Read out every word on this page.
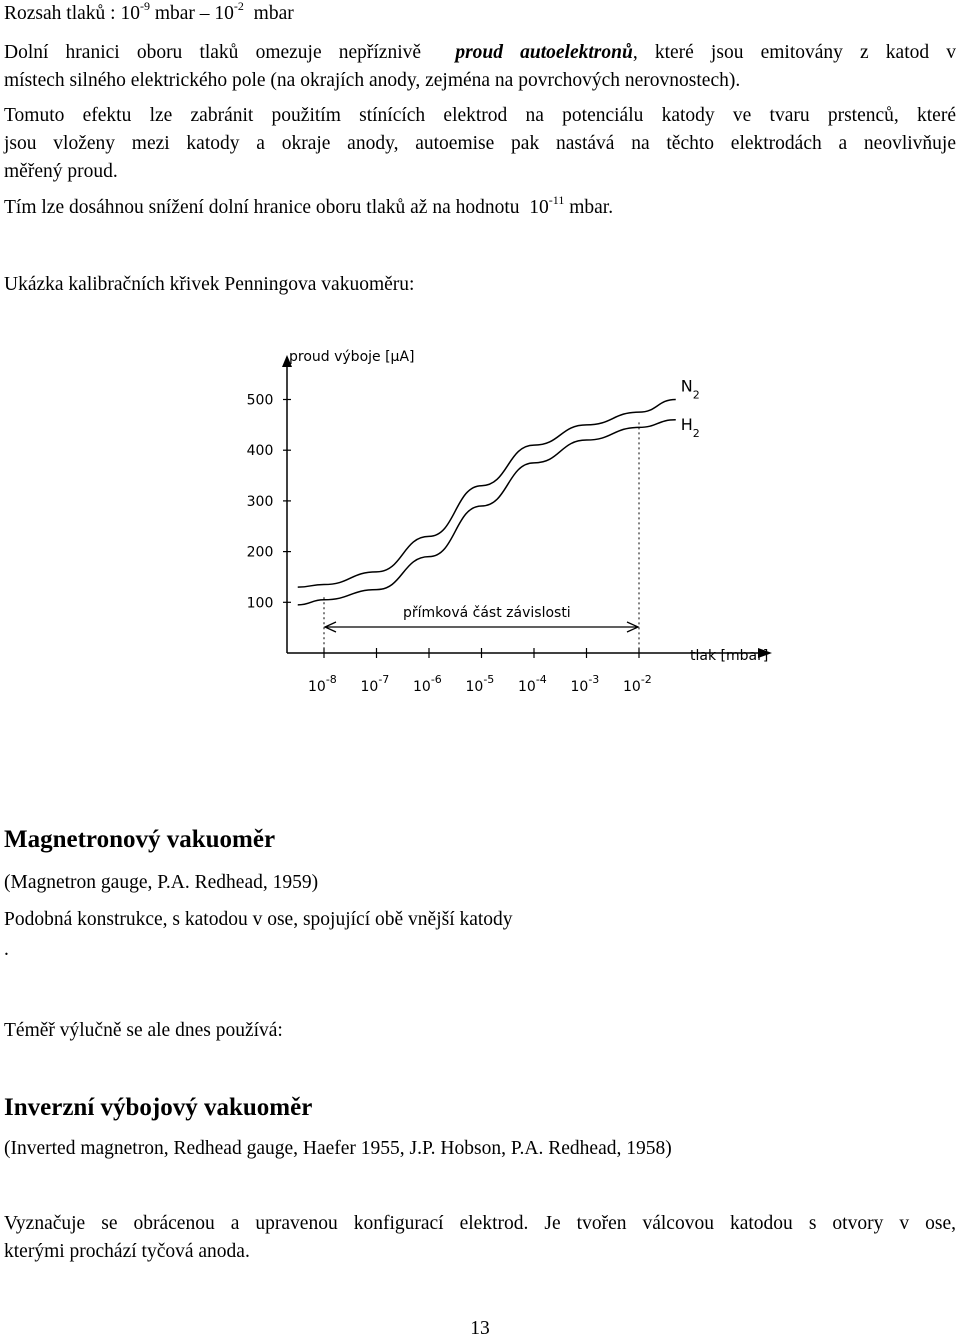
Rozsah tlaků : $10^{-9}$ mbar – $10^{-2}$ mbar
Dolní hranici oboru tlaků omezuje nepříznivě proud autoelektronů, které jsou emitovány z katod v
místech silného elektrického pole (na okrajích anody, zejména na povrchových nerovnostech).
Tomuto efektu lze zabránit použitím stínících elektrod na potenciálu katody ve tvaru prstenců, které
jsou vloženy mezi katody a okraje anody, autoemise pak nastává na těchto elektrodách a neovlivňuje
měřený proud.
Tím lze dosáhnou snížení dolní hranice oboru tlaků až na hodnotu $10^{-11}$ mbar.
Ukázka kalibračních křivek Penningova vakuoměru:
proud výboje [μA]
tlak [mbar]
100
200
300
400
500
$10^{-8}$ $10^{-7}$ $10^{-6}$ $10^{-5}$ $10^{-4}$ $10^{-3}$ $10^{-2}$
$N_2$
$H_2$
přímková část závislosti
Magnetronový vakuoměr
(Magnetron gauge, P.A. Redhead, 1959)
Podobná konstrukce, s katodou v ose, spojující obě vnější katody
.
Téměř výlučně se ale dnes používá:
Inverzní výbojový vakuoměr
(Inverted magnetron, Redhead gauge, Haefer 1955, J.P. Hobson, P.A. Redhead, 1958)
Vyznačuje se obrácenou a upravenou konfigurací elektrod. Je tvořen válcovou katodou s otvory v ose,
kterými prochází tyčová anoda.
13
